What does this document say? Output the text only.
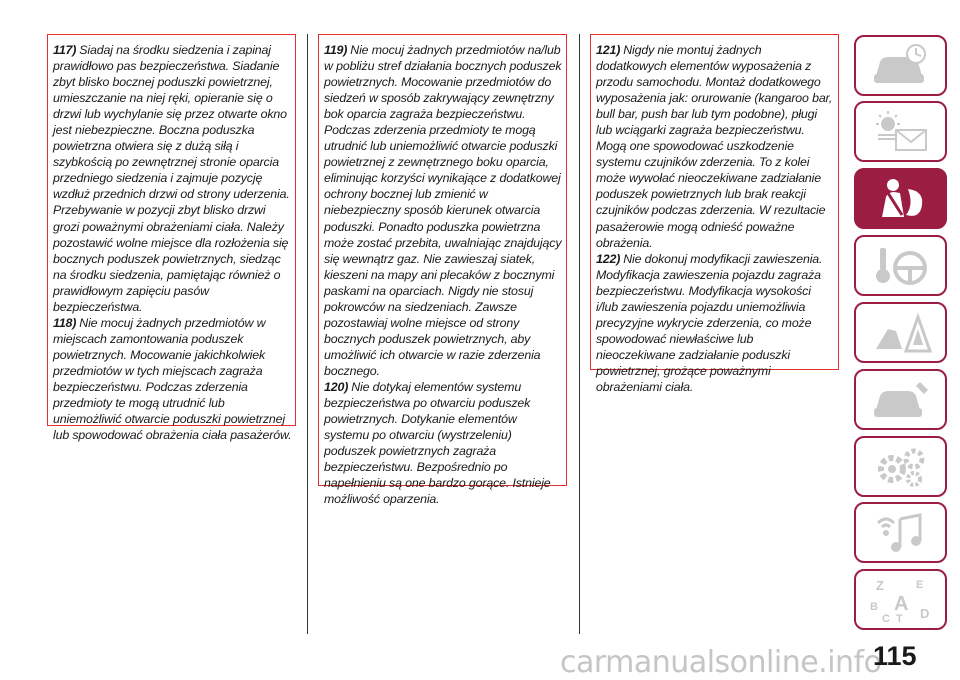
117) Siadaj na środku siedzenia i zapinaj prawidłowo pas bezpieczeństwa. Siadanie zbyt blisko bocznej poduszki powietrznej, umieszczanie na niej ręki, opieranie się o drzwi lub wychylanie się przez otwarte okno jest niebezpieczne. Boczna poduszka powietrzna otwiera się z dużą siłą i szybkością po zewnętrznej stronie oparcia przedniego siedzenia i zajmuje pozycję wzdłuż przednich drzwi od strony uderzenia. Przebywanie w pozycji zbyt blisko drzwi grozi poważnymi obrażeniami ciała. Należy pozostawić wolne miejsce dla rozłożenia się bocznych poduszek powietrznych, siedząc na środku siedzenia, pamiętając również o prawidłowym zapięciu pasów bezpieczeństwa.

118) Nie mocuj żadnych przedmiotów w miejscach zamontowania poduszek powietrznych. Mocowanie jakichkolwiek przedmiotów w tych miejscach zagraża bezpieczeństwu. Podczas zderzenia przedmioty te mogą utrudnić lub uniemożliwić otwarcie poduszki powietrznej lub spowodować obrażenia ciała pasażerów.

119) Nie mocuj żadnych przedmiotów na/lub w pobliżu stref działania bocznych poduszek powietrznych. Mocowanie przedmiotów do siedzeń w sposób zakrywający zewnętrzny bok oparcia zagraża bezpieczeństwu. Podczas zderzenia przedmioty te mogą utrudnić lub uniemożliwić otwarcie poduszki powietrznej z zewnętrznego boku oparcia, eliminując korzyści wynikające z dodatkowej ochrony bocznej lub zmienić w niebezpieczny sposób kierunek otwarcia poduszki. Ponadto poduszka powietrzna może zostać przebita, uwalniając znajdujący się wewnątrz gaz. Nie zawieszaj siatek, kieszeni na mapy ani plecaków z bocznymi paskami na oparciach. Nigdy nie stosuj pokrowców na siedzeniach. Zawsze pozostawiaj wolne miejsce od strony bocznych poduszek powietrznych, aby umożliwić ich otwarcie w razie zderzenia bocznego.

120) Nie dotykaj elementów systemu bezpieczeństwa po otwarciu poduszek powietrznych. Dotykanie elementów systemu po otwarciu (wystrzeleniu) poduszek powietrznych zagraża bezpieczeństwu. Bezpośrednio po napełnieniu są one bardzo gorące. Istnieje możliwość oparzenia.

121) Nigdy nie montuj żadnych dodatkowych elementów wyposażenia z przodu samochodu. Montaż dodatkowego wyposażenia jak: orurowanie (kangaroo bar, bull bar, push bar lub tym podobne), pługi lub wciągarki zagraża bezpieczeństwu. Mogą one spowodować uszkodzenie systemu czujników zderzenia. To z kolei może wywołać nieoczekiwane zadziałanie poduszek powietrznych lub brak reakcji czujników podczas zderzenia. W rezultacie pasażerowie mogą odnieść poważne obrażenia.

122) Nie dokonuj modyfikacji zawieszenia. Modyfikacja zawieszenia pojazdu zagraża bezpieczeństwu. Modyfikacja wysokości i/lub zawieszenia pojazdu uniemożliwia precyzyjne wykrycie zderzenia, co może spowodować niewłaściwe lub nieoczekiwane zadziałanie poduszki powietrznej, grożące poważnymi obrażeniami ciała.

Z	E
B A
C T D
carmanualsonline.info
115
